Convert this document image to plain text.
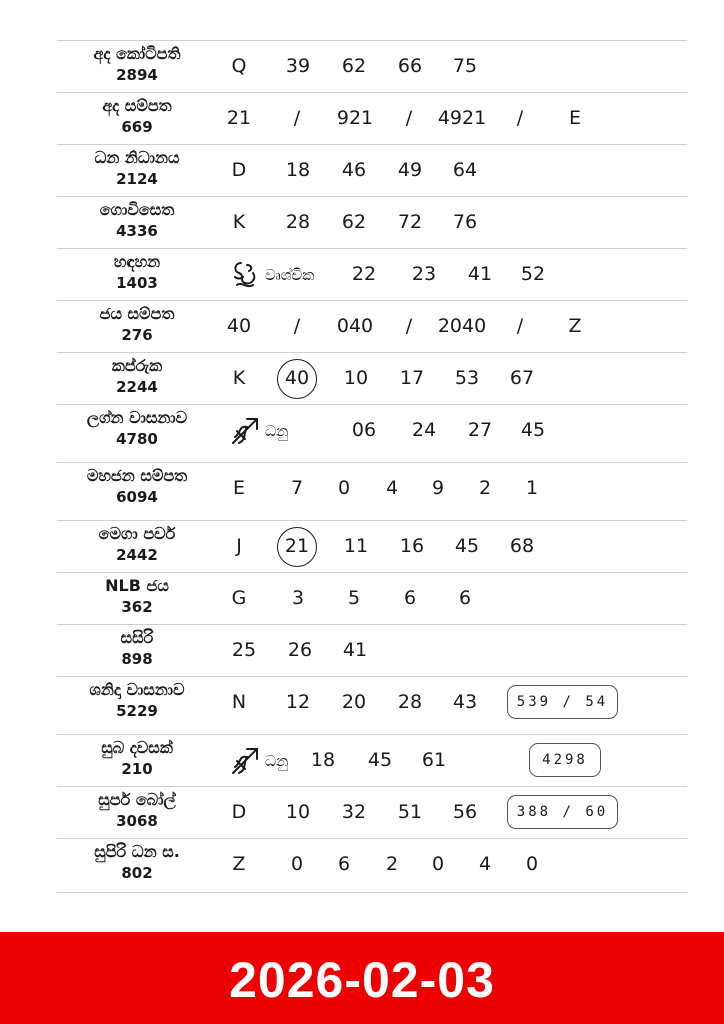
අද කෝටිපති
2894	Q 39 62 66 75
අද සම්පත
669	21 / 921 / 4921 / E
ධන නිධානය
2124	D 18 46 49 64
ගොවිසෙත
4336	K 28 62 72 76
හඳහන
1403	වෘශ්චික 22 23 41 52
ජය සම්පත
276	40 / 040 / 2040 / Z
කප්රුක
2244	K	40	10 17 53 67
ලග්න වාසනාව
4780	ධනු	06 24 27 45
මහජන සම්පත
6094	E 7 0 4 9 2 1
මෙගා පවර්
2442	J	21	11 16 45 68
NLB ජය
362	G 3 5 6 6
සසිරි
898	25 26 41
ශනිදා වාසනාව
5229	N 12 20 28 43	539 / 54
සුබ දවසක්
210	ධනු 18 45 61	4298
සුපර් බෝල්
3068	D 10 32 51 56	388 / 60
සුපිරි ධන ස.
802	Z 0 6 2 0 4 0
2026-02-03
